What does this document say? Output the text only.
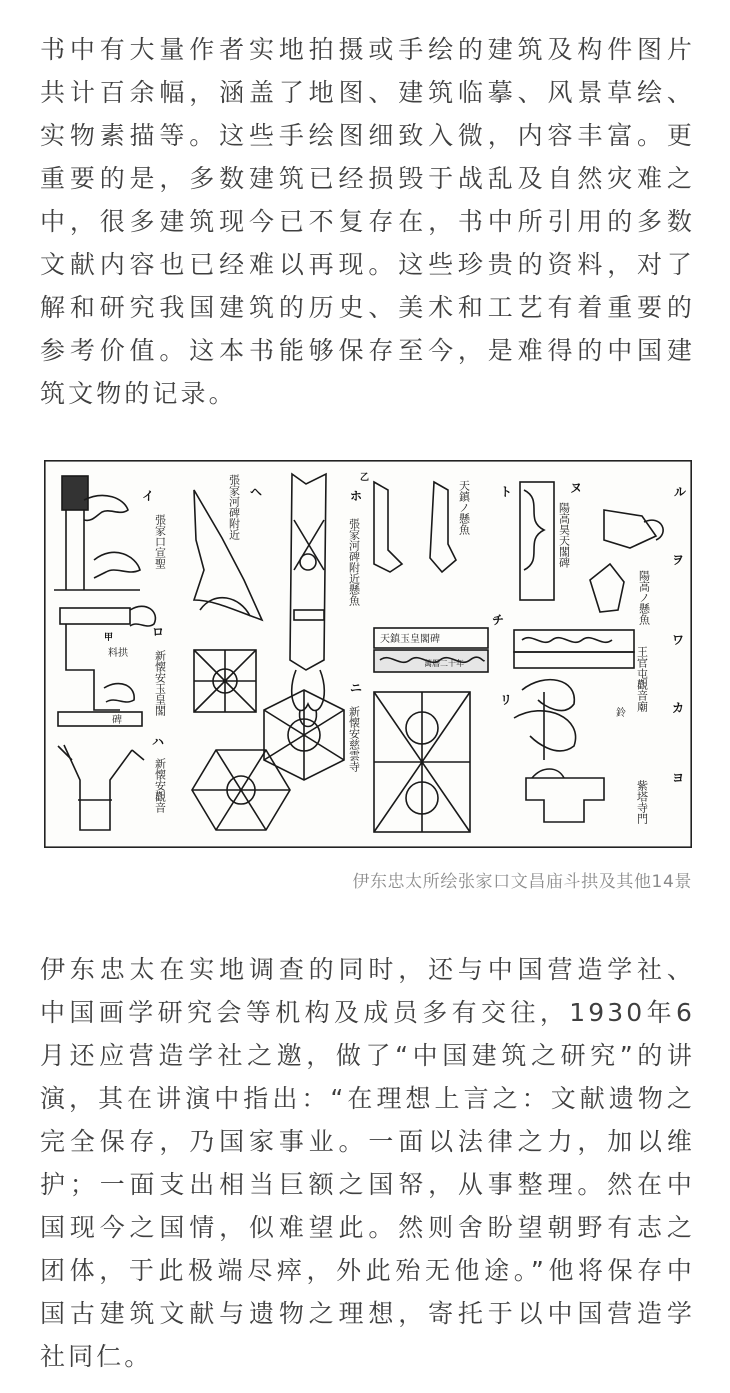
书中有大量作者实地拍摄或手绘的建筑及构件图片
共计百余幅，涵盖了地图、建筑临摹、风景草绘、
实物素描等。这些手绘图细致入微，内容丰富。更
重要的是，多数建筑已经损毁于战乱及自然灾难之
中，很多建筑现今已不复存在，书中所引用的多数
文献内容也已经难以再现。这些珍贵的资料，对了
解和研究我国建筑的历史、美术和工艺有着重要的
参考价值。这本书能够保存至今，是难得的中国建
筑文物的记录。
イ
ロ
ハ
ニ
ホ
ヘ	ト
チ
リ
ヌ	ル
ヲ
ワ
カ
ヨ
甲
乙
張家口宣聖
新懐安玉皇閣
新懐安觀音
張家河碑附近
張家河碑附近懸魚
天鎮ノ懸魚
新懐安慈雲寺
陽高昊天閣碑
陽高ノ懸魚
王官屯觀音廟
紫塔寺門
鈴
料拱
碑
天鎮玉皇閣碑
萬曆二十年

伊东忠太所绘张家口文昌庙斗拱及其他14景

伊东忠太在实地调查的同时，还与中国营造学社、
中国画学研究会等机构及成员多有交往，1930年6
月还应营造学社之邀，做了“中国建筑之研究”的讲
演，其在讲演中指出：“在理想上言之：文献遗物之
完全保存，乃国家事业。一面以法律之力，加以维
护；一面支出相当巨额之国帑，从事整理。然在中
国现今之国情，似难望此。然则舍盼望朝野有志之
团体，于此极端尽瘁，外此殆无他途。”他将保存中
国古建筑文献与遗物之理想，寄托于以中国营造学
社同仁。
